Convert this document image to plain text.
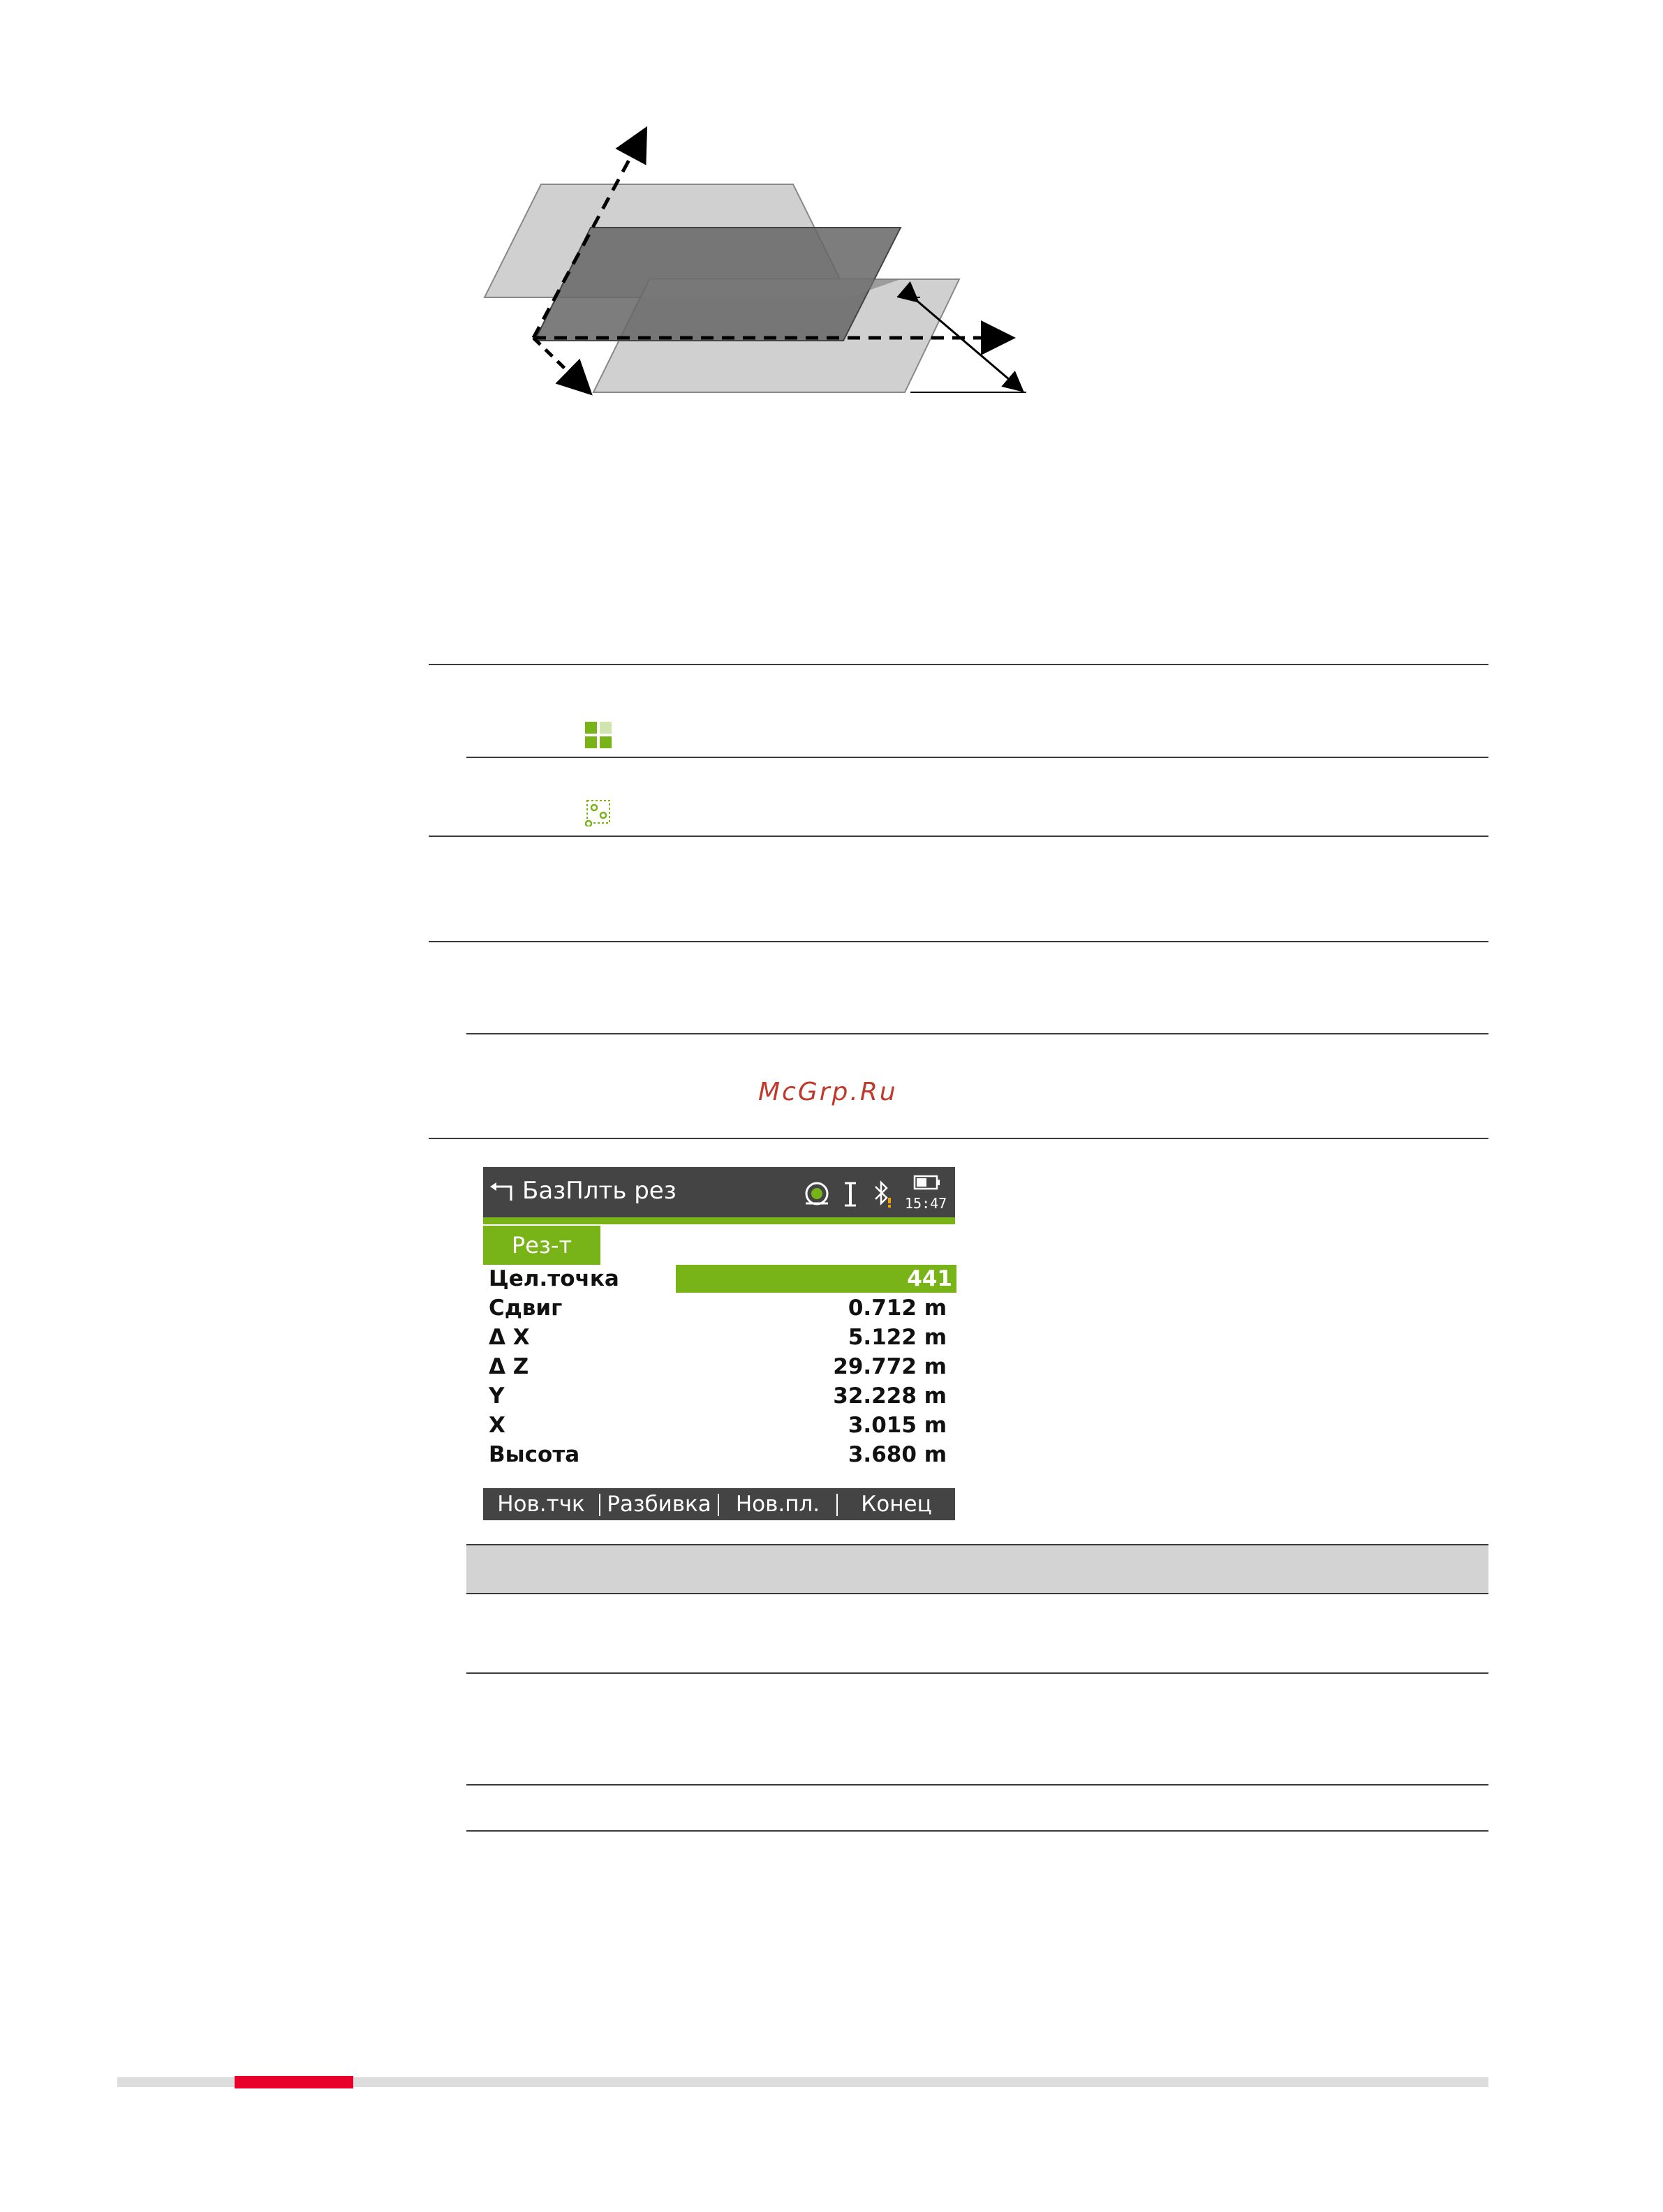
McGrp.Ru
БазПлть рез	15:47
Рез-т
Цел.точка	441
Сдвиг	0.712 m
Δ X	5.122 m
Δ Z	29.772 m
Y	32.228 m
X	3.015 m
Высота	3.680 m
Нов.тчк	Разбивка	Нов.пл.	Конец
